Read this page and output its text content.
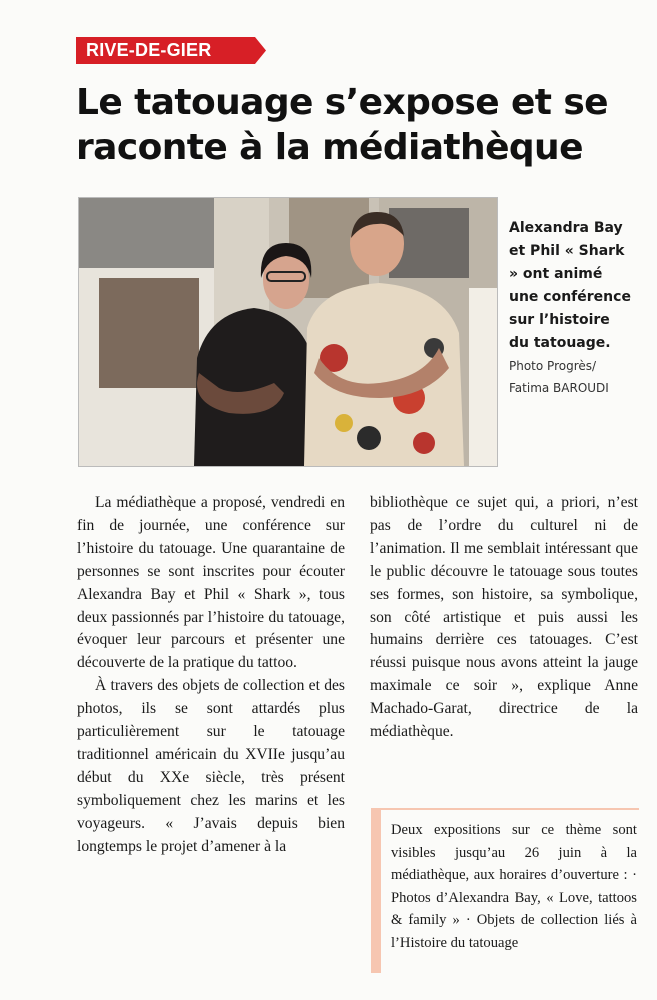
RIVE-DE-GIER
Le tatouage s’expose et se raconte à la médiathèque
Alexandra Bay et Phil « Shark » ont animé une conférence sur l’histoire du tatouage.
Photo Progrès/ Fatima BAROUDI

La médiathèque a proposé, vendredi en fin de journée, une conférence sur l’histoire du tatouage. Une quarantaine de personnes se sont inscrites pour écouter Alexandra Bay et Phil « Shark », tous deux passionnés par l’histoire du tatouage, évoquer leur parcours et présenter une découverte de la pratique du tattoo.

À travers des objets de collection et des photos, ils se sont attardés plus particulièrement sur le tatouage traditionnel américain du XVIIe jusqu’au début du XXe siècle, très présent symboliquement chez les marins et les voyageurs. « J’avais depuis bien longtemps le projet d’amener à la

bibliothèque ce sujet qui, a priori, n’est pas de l’ordre du culturel ni de l’animation. Il me semblait intéressant que le public découvre le tatouage sous toutes ses formes, son histoire, sa symbolique, son côté artistique et puis aussi les humains derrière ces tatouages. C’est réussi puisque nous avons atteint la jauge maximale ce soir », explique Anne Machado-Garat, directrice de la médiathèque.

Deux expositions sur ce thème sont visibles jusqu’au 26 juin à la médiathèque, aux horaires d’ouverture : · Photos d’Alexandra Bay, « Love, tattoos & family » · Objets de collection liés à l’Histoire du tatouage
